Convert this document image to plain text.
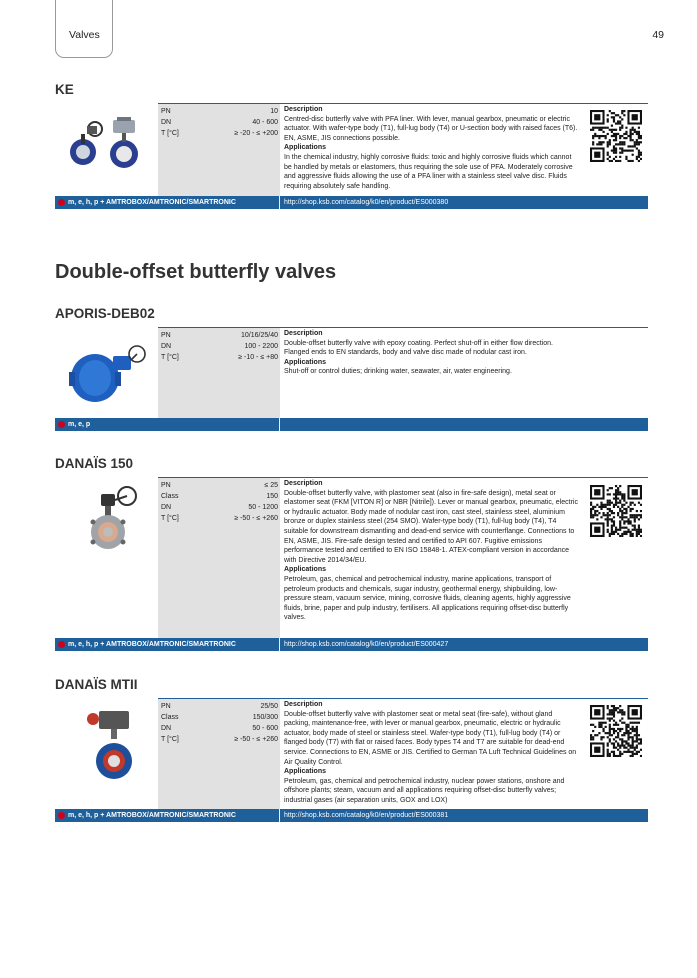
Valves	49
KE
PN	10
DN	40 - 600
T [°C]	≥ -20 - ≤ +200
Description

Centred-disc butterfly valve with PFA liner. With lever, manual gearbox, pneumatic or electric actuator. With wafer-type body (T1), full-lug body (T4) or U-section body with raised faces (T6). EN, ASME, JIS connections possible.

Applications

In the chemical industry, highly corrosive fluids: toxic and highly corrosive fluids which cannot be handled by metals or elastomers, thus requiring the sole use of PFA. Moderately corrosive and aggressive fluids allowing the use of a PFA liner with a stainless steel valve disc. Fluids requiring absolutely safe handling.

m, e, h, p + AMTROBOX/AMTRONIC/SMARTRONIC	http://shop.ksb.com/catalog/k0/en/product/ES000380
Double-offset butterfly valves
APORIS-DEB02
PN	10/16/25/40
DN	100 - 2200
T [°C]	≥ -10 - ≤ +80
Description

Double-offset butterfly valve with epoxy coating. Perfect shut-off in either flow direction. Flanged ends to EN standards, body and valve disc made of nodular cast iron.

Applications

Shut-off or control duties; drinking water, seawater, air, water engineering.

m, e, p
DANAÏS 150
PN	≤ 25
Class	150
DN	50 - 1200
T [°C]	≥ -50 - ≤ +260
Description

Double-offset butterfly valve, with plastomer seat (also in fire-safe design), metal seat or elastomer seat (FKM [VITON R] or NBR [Nitrile]). Lever or manual gearbox, pneumatic, electric or hydraulic actuator. Body made of nodular cast iron, cast steel, stainless steel, aluminium bronze or duplex stainless steel (254 SMO). Wafer-type body (T1), full-lug body (T4), T4 suitable for downstream dismantling and dead-end service with counterflange. Connections to EN, ASME, JIS. Fire-safe design tested and certified to API 607. Fugitive emissions performance tested and certified to EN ISO 15848-1. ATEX-compliant version in accordance with Directive 2014/34/EU.

Applications

Petroleum, gas, chemical and petrochemical industry, marine applications, transport of petroleum products and chemicals, sugar industry, geothermal energy, shipbuilding, low-pressure steam, vacuum service, mining, corrosive fluids, cleaning agents, highly aggressive fluids, brine, paper and pulp industry, fertilisers. All applications requiring offset-disc butterfly valves.

m, e, h, p + AMTROBOX/AMTRONIC/SMARTRONIC	http://shop.ksb.com/catalog/k0/en/product/ES000427
DANAÏS MTII
PN	25/50
Class	150/300
DN	50 - 600
T [°C]	≥ -50 - ≤ +260
Description

Double-offset butterfly valve with plastomer seat or metal seat (fire-safe), without gland packing, maintenance-free, with lever or manual gearbox, pneumatic, electric or hydraulic actuator, body made of steel or stainless steel. Wafer-type body (T1), full-lug body (T4) or flanged body (T7) with flat or raised faces. Body types T4 and T7 are suitable for dead-end service. Connections to EN, ASME or JIS. Certified to German TA Luft Technical Guidelines on Air Quality Control.

Applications

Petroleum, gas, chemical and petrochemical industry, nuclear power stations, onshore and offshore plants; steam, vacuum and all applications requiring offset-disc butterfly valves; industrial gases (air separation units, GOX and LOX)

m, e, h, p + AMTROBOX/AMTRONIC/SMARTRONIC	http://shop.ksb.com/catalog/k0/en/product/ES000381
